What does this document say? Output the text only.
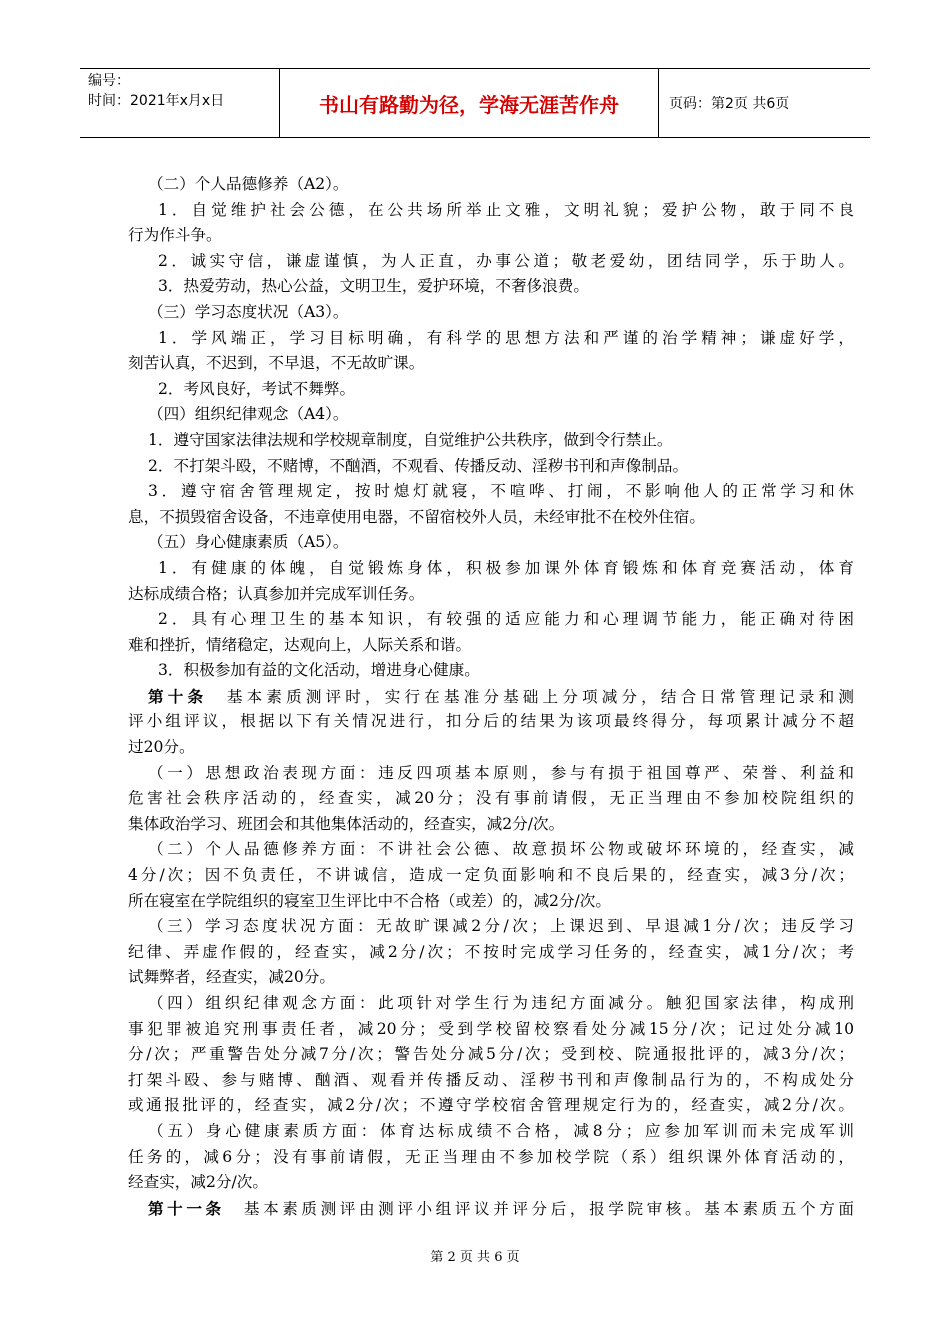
编号：
时间：2021年x月x日	书山有路勤为径，学海无涯苦作舟	页码：第2页 共6页
（二）个人品德修养（A2）。
1．自觉维护社会公德，在公共场所举止文雅，文明礼貌；爱护公物，敢于同不良
行为作斗争。
2．诚实守信，谦虚谨慎，为人正直，办事公道；敬老爱幼，团结同学，乐于助人。
3．热爱劳动，热心公益，文明卫生，爱护环境，不奢侈浪费。
（三）学习态度状况（A3）。
1．学风端正，学习目标明确，有科学的思想方法和严谨的治学精神；谦虚好学，
刻苦认真，不迟到，不早退，不无故旷课。
2．考风良好，考试不舞弊。
（四）组织纪律观念（A4）。
1．遵守国家法律法规和学校规章制度，自觉维护公共秩序，做到令行禁止。
2．不打架斗殴，不赌博，不酗酒，不观看、传播反动、淫秽书刊和声像制品。
3．遵守宿舍管理规定，按时熄灯就寝，不喧哗、打闹，不影响他人的正常学习和休
息，不损毁宿舍设备，不违章使用电器，不留宿校外人员，未经审批不在校外住宿。
（五）身心健康素质（A5）。
1．有健康的体魄，自觉锻炼身体，积极参加课外体育锻炼和体育竞赛活动，体育
达标成绩合格；认真参加并完成军训任务。
2．具有心理卫生的基本知识，有较强的适应能力和心理调节能力，能正确对待困
难和挫折，情绪稳定，达观向上，人际关系和谐。
3．积极参加有益的文化活动，增进身心健康。
第十条　 基本素质测评时，实行在基准分基础上分项减分，结合日常管理记录和测
评小组评议，根据以下有关情况进行，扣分后的结果为该项最终得分，每项累计减分不超
过20分。
（一）思想政治表现方面：违反四项基本原则，参与有损于祖国尊严、荣誉、利益和
危害社会秩序活动的，经查实，减20分；没有事前请假，无正当理由不参加校院组织的
集体政治学习、班团会和其他集体活动的，经查实，减2分/次。
（二）个人品德修养方面：不讲社会公德、故意损坏公物或破坏环境的，经查实，减
4分/次；因不负责任，不讲诚信，造成一定负面影响和不良后果的，经查实，减3分/次；
所在寝室在学院组织的寝室卫生评比中不合格（或差）的，减2分/次。
（三）学习态度状况方面：无故旷课减2分/次；上课迟到、早退减1分/次；违反学习
纪律、弄虚作假的，经查实，减2分/次；不按时完成学习任务的，经查实，减1分/次；考
试舞弊者，经查实，减20分。
（四）组织纪律观念方面：此项针对学生行为违纪方面减分。触犯国家法律，构成刑
事犯罪被追究刑事责任者，减20分；受到学校留校察看处分减15分/次；记过处分减10
分/次；严重警告处分减7分/次；警告处分减5分/次；受到校、院通报批评的，减3分/次；
打架斗殴、参与赌博、酗酒、观看并传播反动、淫秽书刊和声像制品行为的，不构成处分
或通报批评的，经查实，减2分/次；不遵守学校宿舍管理规定行为的，经查实，减2分/次。
（五）身心健康素质方面：体育达标成绩不合格，减8分；应参加军训而未完成军训
任务的，减6分；没有事前请假，无正当理由不参加校学院（系）组织课外体育活动的，
经查实，减2分/次。
第十一条　 基本素质测评由测评小组评议并评分后，报学院审核。基本素质五个方面
第 2 页 共 6 页
